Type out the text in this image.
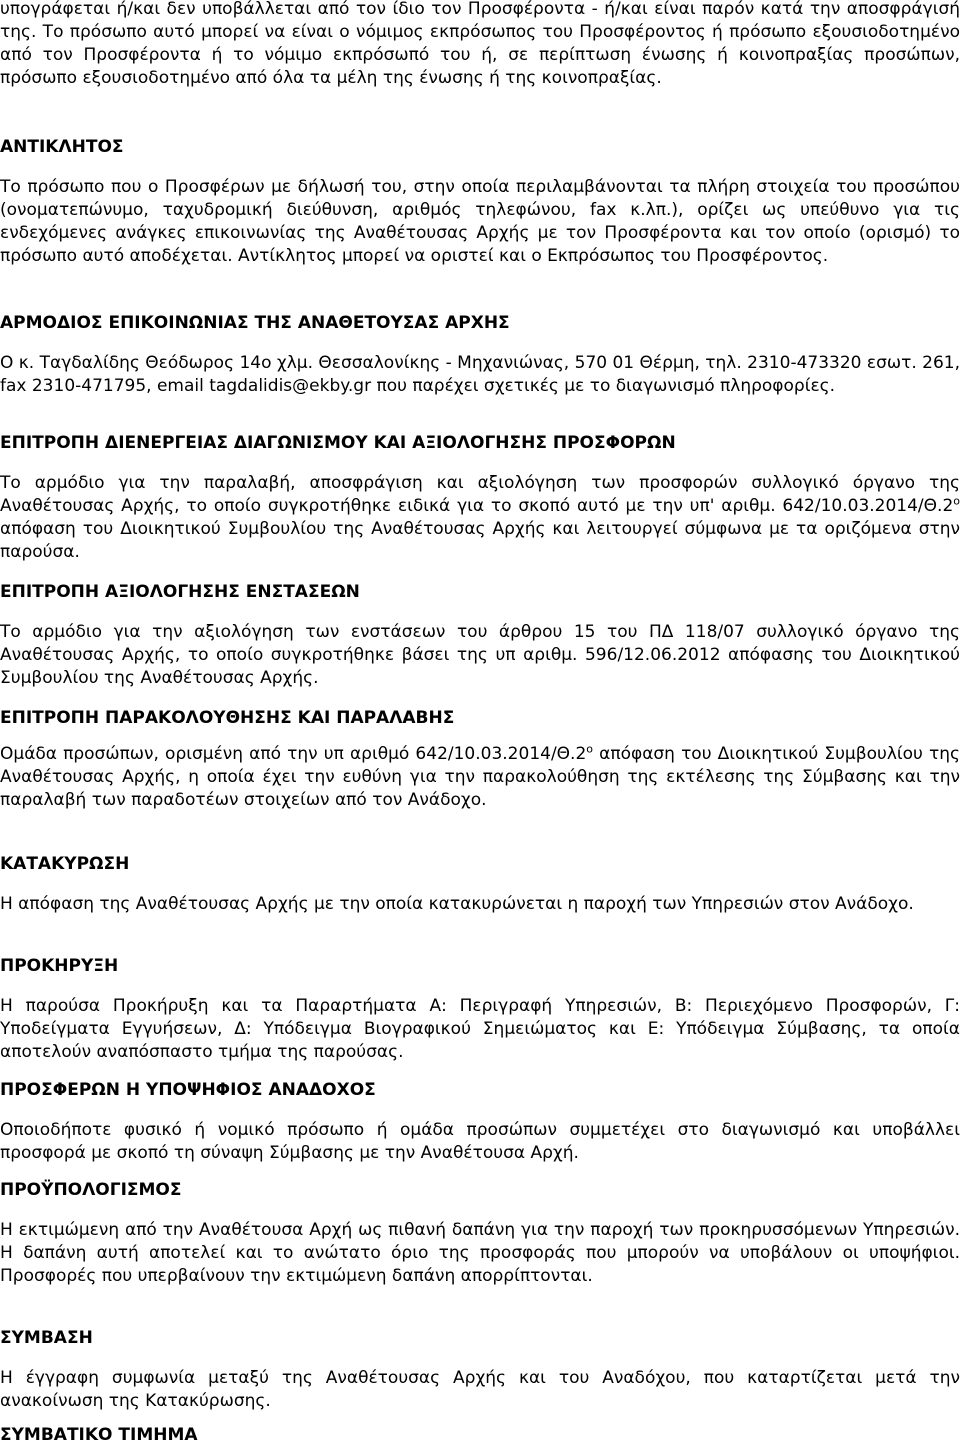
υπογράφεται ή/και δεν υποβάλλεται από τον ίδιο τον Προσφέροντα - ή/και είναι παρόν κατά την αποσφράγισή της. Το πρόσωπο αυτό μπορεί να είναι ο νόμιμος εκπρόσωπος του Προσφέροντος ή πρόσωπο εξουσιοδοτημένο από τον Προσφέροντα ή το νόμιμο εκπρόσωπό του ή, σε περίπτωση ένωσης ή κοινοπραξίας προσώπων, πρόσωπο εξουσιοδοτημένο από όλα τα μέλη της ένωσης ή της κοινοπραξίας.

ΑΝΤΙΚΛΗΤΟΣ

Το πρόσωπο που ο Προσφέρων με δήλωσή του, στην οποία περιλαμβάνονται τα πλήρη στοιχεία του προσώπου (ονοματεπώνυμο, ταχυδρομική διεύθυνση, αριθμός τηλεφώνου, fax κ.λπ.), ορίζει ως υπεύθυνο για τις ενδεχόμενες ανάγκες επικοινωνίας της Αναθέτουσας Αρχής με τον Προσφέροντα και τον οποίο (ορισμό) το πρόσωπο αυτό αποδέχεται. Αντίκλητος μπορεί να οριστεί και ο Εκπρόσωπος του Προσφέροντος.

ΑΡΜΟΔΙΟΣ ΕΠΙΚΟΙΝΩΝΙΑΣ ΤΗΣ ΑΝΑΘΕΤΟΥΣΑΣ ΑΡΧΗΣ

Ο κ. Ταγδαλίδης Θεόδωρος 14ο χλμ. Θεσσαλονίκης - Μηχανιώνας, 570 01 Θέρμη, τηλ. 2310-473320 εσωτ. 261, fax 2310-471795, email tagdalidis@ekby.gr που παρέχει σχετικές με το διαγωνισμό πληροφορίες.

ΕΠΙΤΡΟΠΗ ΔΙΕΝΕΡΓΕΙΑΣ ΔΙΑΓΩΝΙΣΜΟΥ ΚΑΙ ΑΞΙΟΛΟΓΗΣΗΣ ΠΡΟΣΦΟΡΩΝ

Το αρμόδιο για την παραλαβή, αποσφράγιση και αξιολόγηση των προσφορών συλλογικό όργανο της Αναθέτουσας Αρχής, το οποίο συγκροτήθηκε ειδικά για το σκοπό αυτό με την υπ' αριθμ. $642/10.03.2014/\Theta.2^o$ απόφαση του Διοικητικού Συμβουλίου της Αναθέτουσας Αρχής και λειτουργεί σύμφωνα με τα οριζόμενα στην παρούσα.

ΕΠΙΤΡΟΠΗ ΑΞΙΟΛΟΓΗΣΗΣ ΕΝΣΤΑΣΕΩΝ

Το αρμόδιο για την αξιολόγηση των ενστάσεων του άρθρου 15 του ΠΔ 118/07 συλλογικό όργανο της Αναθέτουσας Αρχής, το οποίο συγκροτήθηκε βάσει της υπ αριθμ. 596/12.06.2012 απόφασης του Διοικητικού Συμβουλίου της Αναθέτουσας Αρχής.

ΕΠΙΤΡΟΠΗ ΠΑΡΑΚΟΛΟΥΘΗΣΗΣ ΚΑΙ ΠΑΡΑΛΑΒΗΣ

Ομάδα προσώπων, ορισμένη από την υπ αριθμό $642/10.03.2014/\Theta.2^o$ απόφαση του Διοικητικού Συμβουλίου της Αναθέτουσας Αρχής, η οποία έχει την ευθύνη για την παρακολούθηση της εκτέλεσης της Σύμβασης και την παραλαβή των παραδοτέων στοιχείων από τον Ανάδοχο.

ΚΑΤΑΚΥΡΩΣΗ

Η απόφαση της Αναθέτουσας Αρχής με την οποία κατακυρώνεται η παροχή των Υπηρεσιών στον Ανάδοχο.

ΠΡΟΚΗΡΥΞΗ

Η παρούσα Προκήρυξη και τα Παραρτήματα Α: Περιγραφή Υπηρεσιών, Β: Περιεχόμενο Προσφορών, Γ: Υποδείγματα Εγγυήσεων, Δ: Υπόδειγμα Βιογραφικού Σημειώματος και Ε: Υπόδειγμα Σύμβασης, τα οποία αποτελούν αναπόσπαστο τμήμα της παρούσας.

ΠΡΟΣΦΕΡΩΝ Η ΥΠΟΨΗΦΙΟΣ ΑΝΑΔΟΧΟΣ

Οποιοδήποτε φυσικό ή νομικό πρόσωπο ή ομάδα προσώπων συμμετέχει στο διαγωνισμό και υποβάλλει προσφορά με σκοπό τη σύναψη Σύμβασης με την Αναθέτουσα Αρχή.

ΠΡΟΫΠΟΛΟΓΙΣΜΟΣ

Η εκτιμώμενη από την Αναθέτουσα Αρχή ως πιθανή δαπάνη για την παροχή των προκηρυσσόμενων Υπηρεσιών. Η δαπάνη αυτή αποτελεί και το ανώτατο όριο της προσφοράς που μπορούν να υποβάλουν οι υποψήφιοι. Προσφορές που υπερβαίνουν την εκτιμώμενη δαπάνη απορρίπτονται.

ΣΥΜΒΑΣΗ

Η έγγραφη συμφωνία μεταξύ της Αναθέτουσας Αρχής και του Αναδόχου, που καταρτίζεται μετά την ανακοίνωση της Κατακύρωσης.

ΣΥΜΒΑΤΙΚΟ ΤΙΜΗΜΑ
